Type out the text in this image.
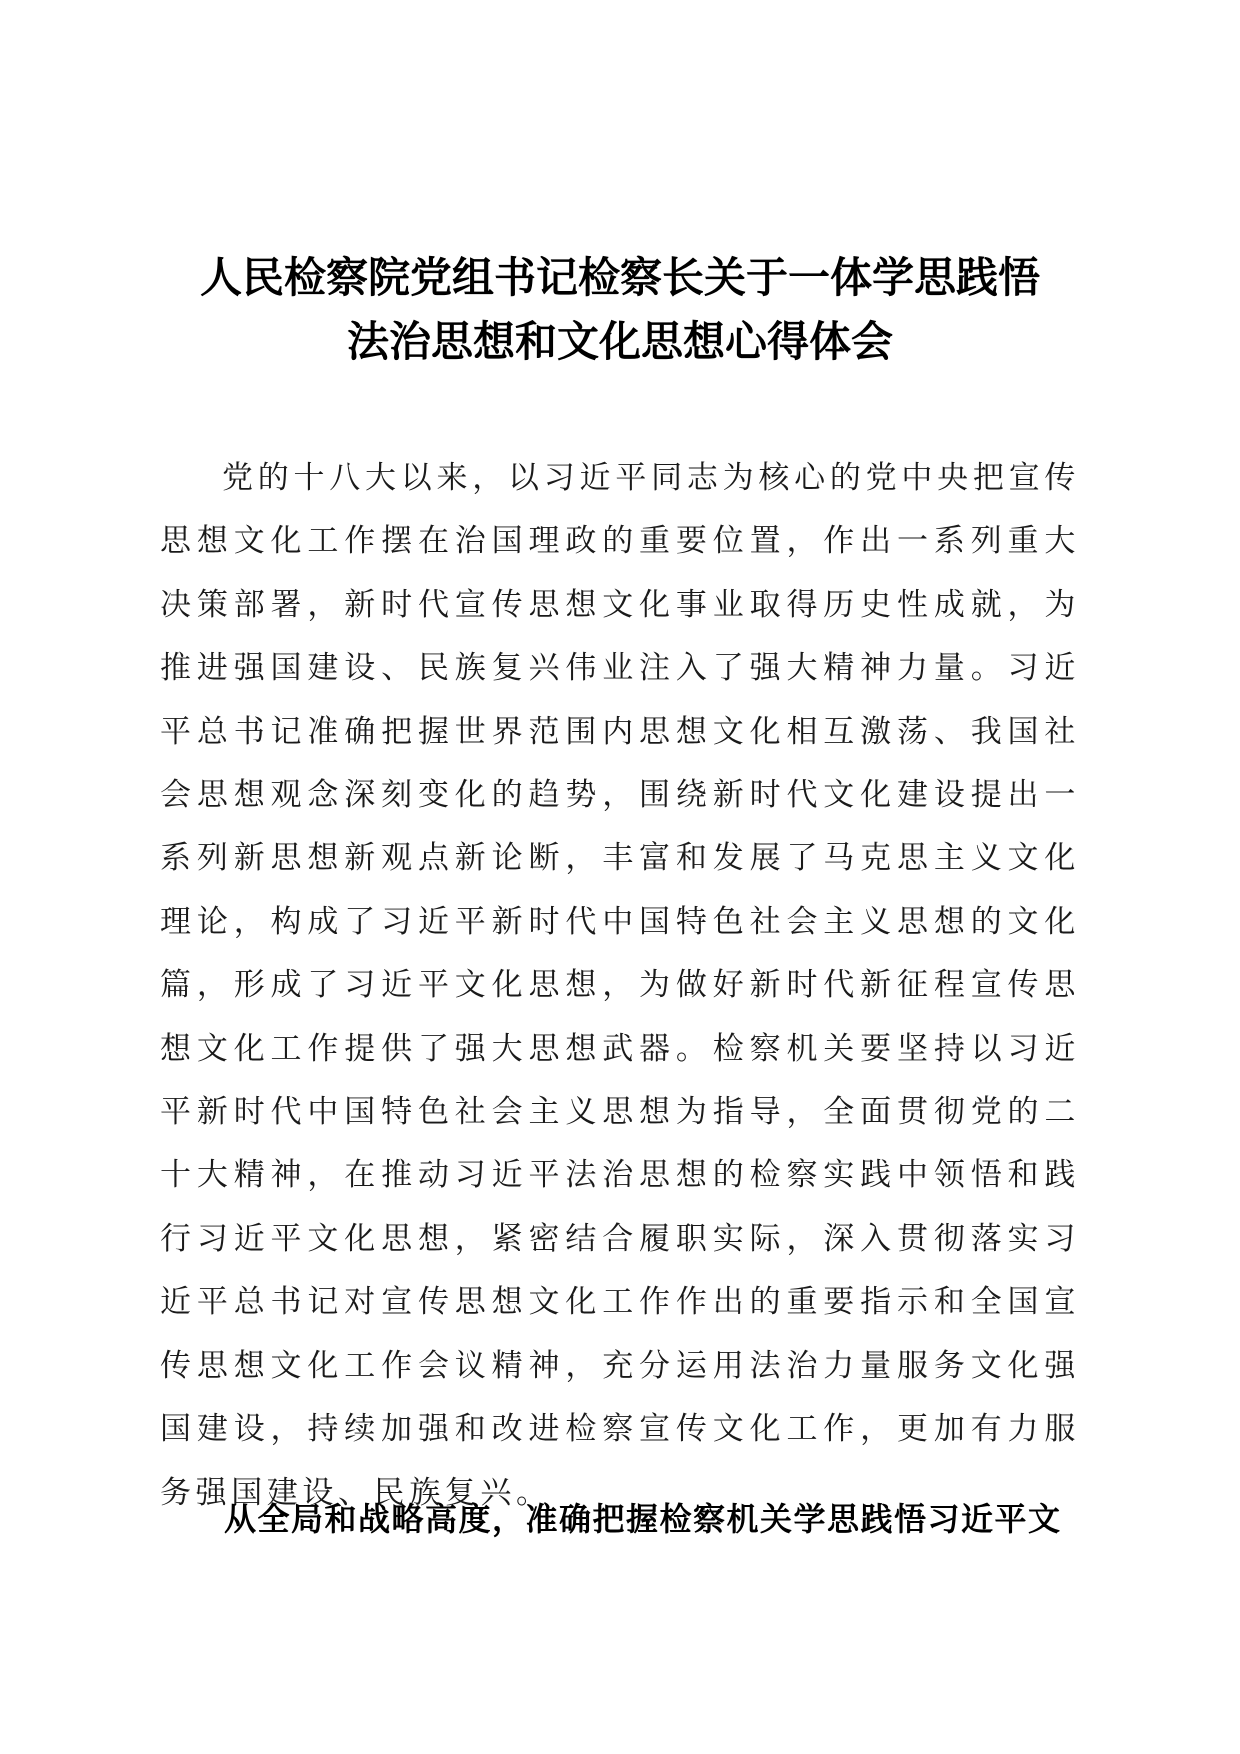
人民检察院党组书记检察长关于一体学思践悟
法治思想和文化思想心得体会

党的十八大以来，以习近平同志为核心的党中央把宣传思想文化工作摆在治国理政的重要位置，作出一系列重大决策部署，新时代宣传思想文化事业取得历史性成就，为推进强国建设、民族复兴伟业注入了强大精神力量。习近平总书记准确把握世界范围内思想文化相互激荡、我国社会思想观念深刻变化的趋势，围绕新时代文化建设提出一系列新思想新观点新论断，丰富和发展了马克思主义文化理论，构成了习近平新时代中国特色社会主义思想的文化篇，形成了习近平文化思想，为做好新时代新征程宣传思想文化工作提供了强大思想武器。检察机关要坚持以习近平新时代中国特色社会主义思想为指导，全面贯彻党的二十大精神，在推动习近平法治思想的检察实践中领悟和践行习近平文化思想，紧密结合履职实际，深入贯彻落实习近平总书记对宣传思想文化工作作出的重要指示和全国宣传思想文化工作会议精神，充分运用法治力量服务文化强国建设，持续加强和改进检察宣传文化工作，更加有力服务强国建设、民族复兴。

从全局和战略高度，准确把握检察机关学思践悟习近平文
